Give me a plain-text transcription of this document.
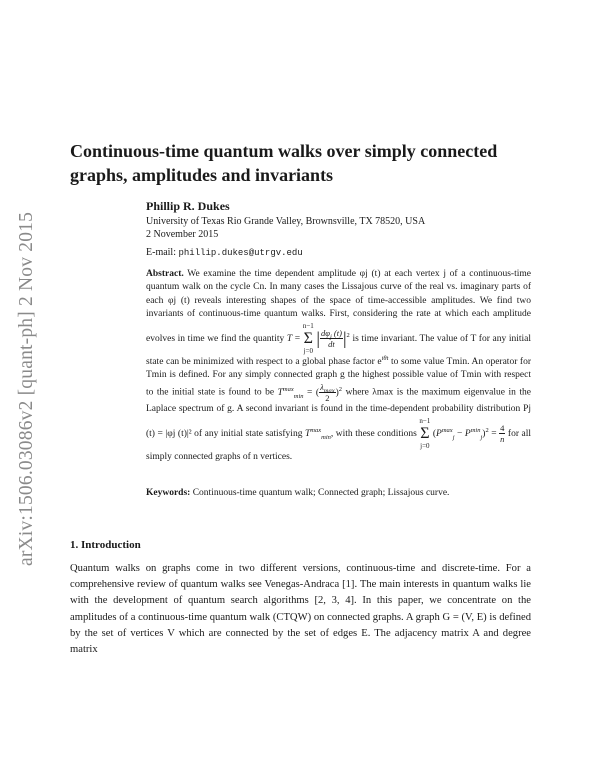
arXiv:1506.03086v2 [quant-ph] 2 Nov 2015
Continuous-time quantum walks over simply connected graphs, amplitudes and invariants
Phillip R. Dukes
University of Texas Rio Grande Valley, Brownsville, TX 78520, USA
2 November 2015
E-mail: phillip.dukes@utrgv.edu
Abstract. We examine the time dependent amplitude φj (t) at each vertex j of a continuous-time quantum walk on the cycle Cn. In many cases the Lissajous curve of the real vs. imaginary parts of each φj (t) reveals interesting shapes of the space of time-accessible amplitudes. We find two invariants of continuous-time quantum walks. First, considering the rate at which each amplitude evolves in time we find the quantity T =
n−1
Σ
j=0
| $\frac{d\varphi_j (t)}{dt} |^2$ is time invariant. The value of T for any initial state can be minimized with respect to a global phase factor $e^{i\theta t}$ to some value Tmin. An operator for Tmin is defined. For any simply connected graph g the highest possible value of Tmin with respect to the initial state is found to be $T^{max}_{min}$ = ( $\frac{\lambda_{max}}{2} )^2$ where λmax is the maximum eigenvalue in the Laplace spectrum of g. A second invariant is found in the time-dependent probability distribution Pj (t) = |φj (t)|² of any initial state satisfying $T^{max}_{min}$, with these conditions
n−1
Σ
j=0
$(P^{max}_j - P^{min}_j)^2 = \frac{4}{n}$ for all simply connected graphs of n vertices.
Keywords: Continuous-time quantum walk; Connected graph; Lissajous curve.
1. Introduction
Quantum walks on graphs come in two different versions, continuous-time and discrete-time. For a comprehensive review of quantum walks see Venegas-Andraca [1]. The main interests in quantum walks lie with the development of quantum search algorithms [2, 3, 4]. In this paper, we concentrate on the amplitudes of a continuous-time quantum walk (CTQW) on connected graphs. A graph G = (V, E) is defined by the set of vertices V which are connected by the set of edges E. The adjacency matrix A and degree matrix
